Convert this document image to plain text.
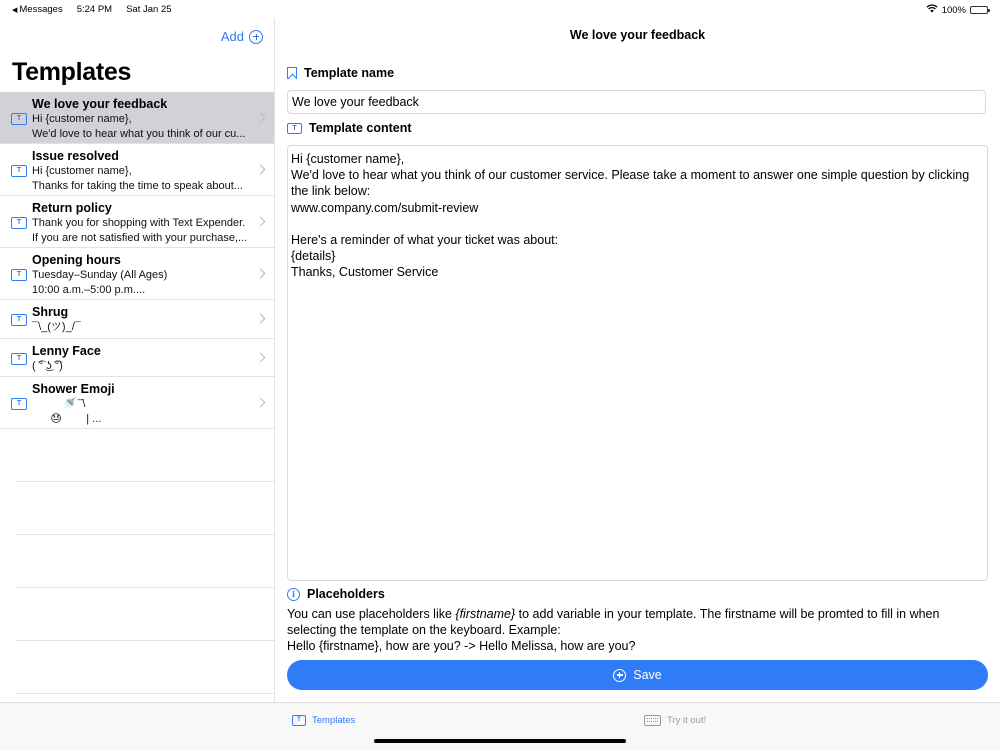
◀ Messages 5:24 PM Sat Jan 25	100%
Add
Templates
T
We love your feedback
Hi {customer name},
We'd love to hear what you think of our cu...
T
Issue resolved
Hi {customer name},
Thanks for taking the time to speak about...
T
Return policy
Thank you for shopping with Text Expender.
If you are not satisfied with your purchase,...
T
Opening hours
Tuesday–Sunday (All Ages)
10:00 a.m.–5:00 p.m....
T
Shrug
¯\_(ツ)_/¯
T
Lenny Face
( ͡° ͜ʖ ͡°)
T
Shower Emoji
🚿 ̄ ̄\
😓        | ...
We love your feedback
Template name
We love your feedback
T Template content
Hi {customer name}, We'd love to hear what you think of our customer service. Please take a moment to answer one simple question by clicking the link below: www.company.com/submit-review Here's a reminder of what your ticket was about: {details} Thanks, Customer Service
i Placeholders
You can use placeholders like {firstname} to add variable in your template. The firstname will be promted to fill in when
selecting the template on the keyboard. Example:
Hello {firstname}, how are you? -> Hello Melissa, how are you?
Save
T	Templates	Try it out!
